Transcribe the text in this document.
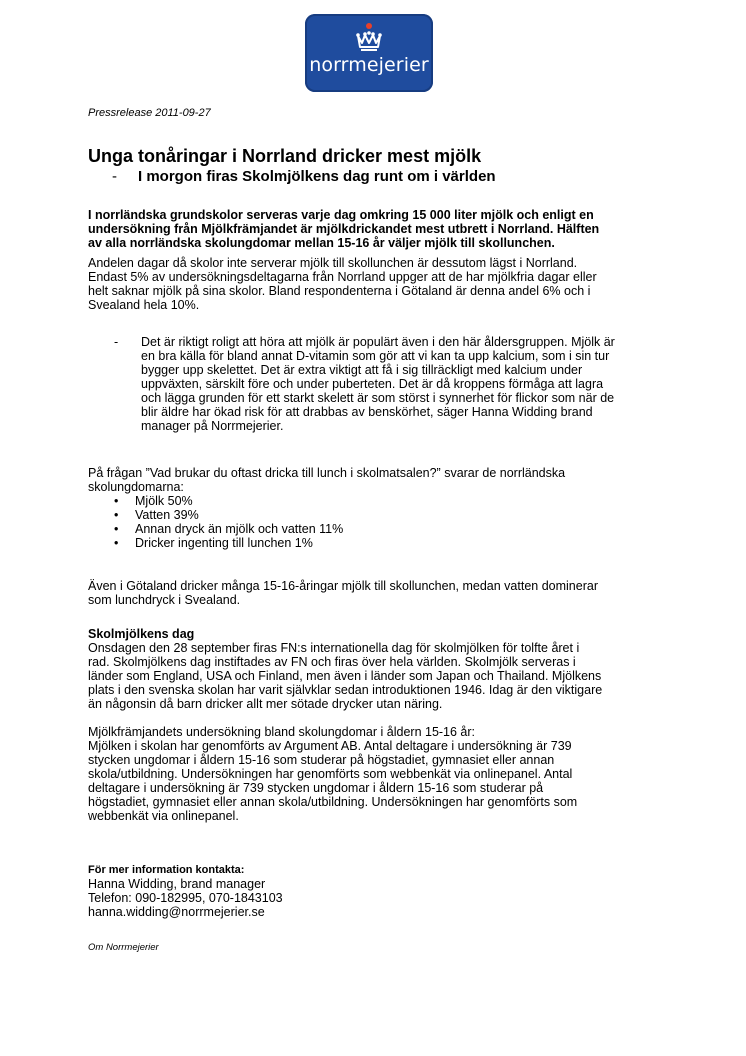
norrmejerier
Pressrelease 2011-09-27
Unga tonåringar i Norrland dricker mest mjölk
- I morgon firas Skolmjölkens dag runt om i världen
I norrländska grundskolor serveras varje dag omkring 15 000 liter mjölk och enligt en
undersökning från Mjölkfrämjandet är mjölkdrickandet mest utbrett i Norrland. Hälften
av alla norrländska skolungdomar mellan 15-16 år väljer mjölk till skollunchen.
Andelen dagar då skolor inte serverar mjölk till skollunchen är dessutom lägst i Norrland.
Endast 5% av undersökningsdeltagarna från Norrland uppger att de har mjölkfria dagar eller
helt saknar mjölk på sina skolor. Bland respondenterna i Götaland är denna andel 6% och i
Svealand hela 10%.
- Det är riktigt roligt att höra att mjölk är populärt även i den här åldersgruppen. Mjölk är
en bra källa för bland annat D-vitamin som gör att vi kan ta upp kalcium, som i sin tur
bygger upp skelettet. Det är extra viktigt att få i sig tillräckligt med kalcium under
uppväxten, särskilt före och under puberteten. Det är då kroppens förmåga att lagra
och lägga grunden för ett starkt skelett är som störst i synnerhet för flickor som när de
blir äldre har ökad risk för att drabbas av benskörhet, säger Hanna Widding brand
manager på Norrmejerier.
På frågan ”Vad brukar du oftast dricka till lunch i skolmatsalen?” svarar de norrländska
skolungdomarna:
• Mjölk 50%
• Vatten 39%
• Annan dryck än mjölk och vatten 11%
• Dricker ingenting till lunchen 1%
Även i Götaland dricker många 15-16-åringar mjölk till skollunchen, medan vatten dominerar
som lunchdryck i Svealand.
Skolmjölkens dag
Onsdagen den 28 september firas FN:s internationella dag för skolmjölken för tolfte året i
rad. Skolmjölkens dag instiftades av FN och firas över hela världen. Skolmjölk serveras i
länder som England, USA och Finland, men även i länder som Japan och Thailand. Mjölkens
plats i den svenska skolan har varit självklar sedan introduktionen 1946. Idag är den viktigare
än någonsin då barn dricker allt mer sötade drycker utan näring.
Mjölkfrämjandets undersökning bland skolungdomar i åldern 15-16 år:
Mjölken i skolan har genomförts av Argument AB. Antal deltagare i undersökning är 739
stycken ungdomar i åldern 15-16 som studerar på högstadiet, gymnasiet eller annan
skola/utbildning. Undersökningen har genomförts som webbenkät via onlinepanel. Antal
deltagare i undersökning är 739 stycken ungdomar i åldern 15-16 som studerar på
högstadiet, gymnasiet eller annan skola/utbildning. Undersökningen har genomförts som
webbenkät via onlinepanel.
För mer information kontakta:
Hanna Widding, brand manager
Telefon: 090-182995, 070-1843103
hanna.widding@norrmejerier.se
Om Norrmejerier
